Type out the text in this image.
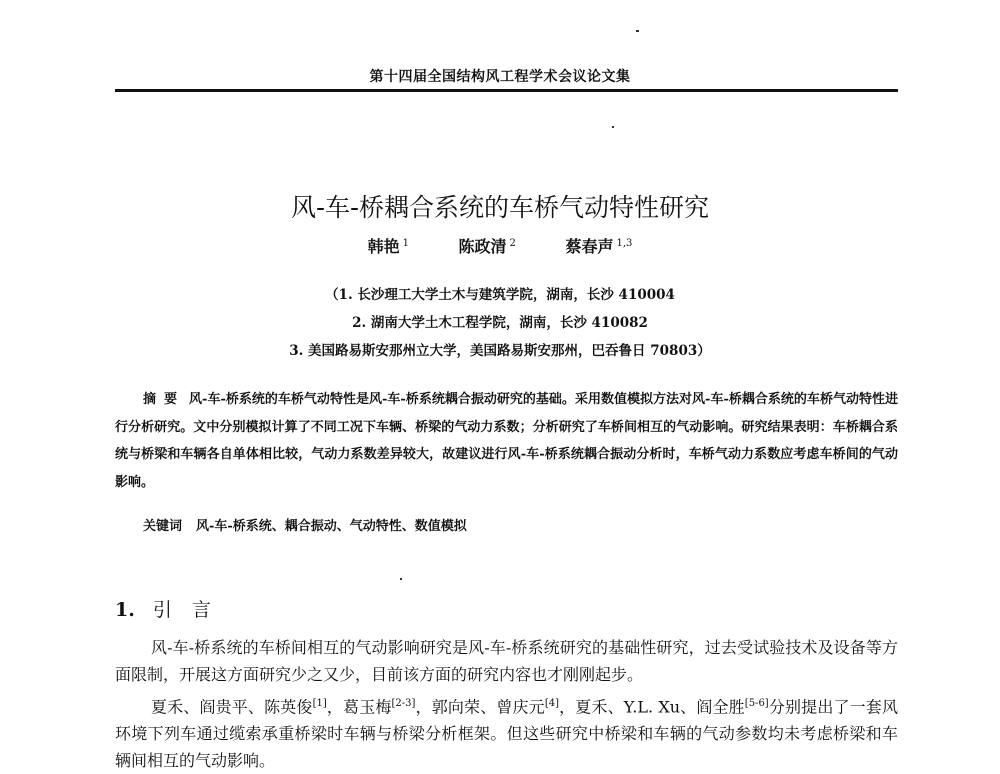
第十四届全国结构风工程学术会议论文集
风-车-桥耦合系统的车桥气动特性研究
韩艳 $^1$	陈政清 $^2$	蔡春声 $^{1,3}$
（1. 长沙理工大学土木与建筑学院，湖南，长沙 410004
2. 湖南大学土木工程学院，湖南，长沙 410082
3. 美国路易斯安那州立大学，美国路易斯安那州，巴吞鲁日 70803）
摘要 风-车-桥系统的车桥气动特性是风-车-桥系统耦合振动研究的基础。采用数值模拟方法对风-车-桥耦合系统的车桥气动特性进行分析研究。文中分别模拟计算了不同工况下车辆、桥梁的气动力系数；分析研究了车桥间相互的气动影响。研究结果表明：车桥耦合系统与桥梁和车辆各自单体相比较，气动力系数差异较大，故建议进行风-车-桥系统耦合振动分析时，车桥气动力系数应考虑车桥间的气动影响。
关键词 风-车-桥系统、耦合振动、气动特性、数值模拟
1. 引言
风-车-桥系统的车桥间相互的气动影响研究是风-车-桥系统研究的基础性研究，过去受试验技术及设备等方面限制，开展这方面研究少之又少，目前该方面的研究内容也才刚刚起步。
夏禾、阎贵平、陈英俊[1]，葛玉梅[2-3]，郭向荣、曾庆元[4]，夏禾、Y.L. Xu、阎全胜[5-6]分别提出了一套风环境下列车通过缆索承重桥梁时车辆与桥梁分析框架。但这些研究中桥梁和车辆的气动参数均未考虑桥梁和车辆间相互的气动影响。
